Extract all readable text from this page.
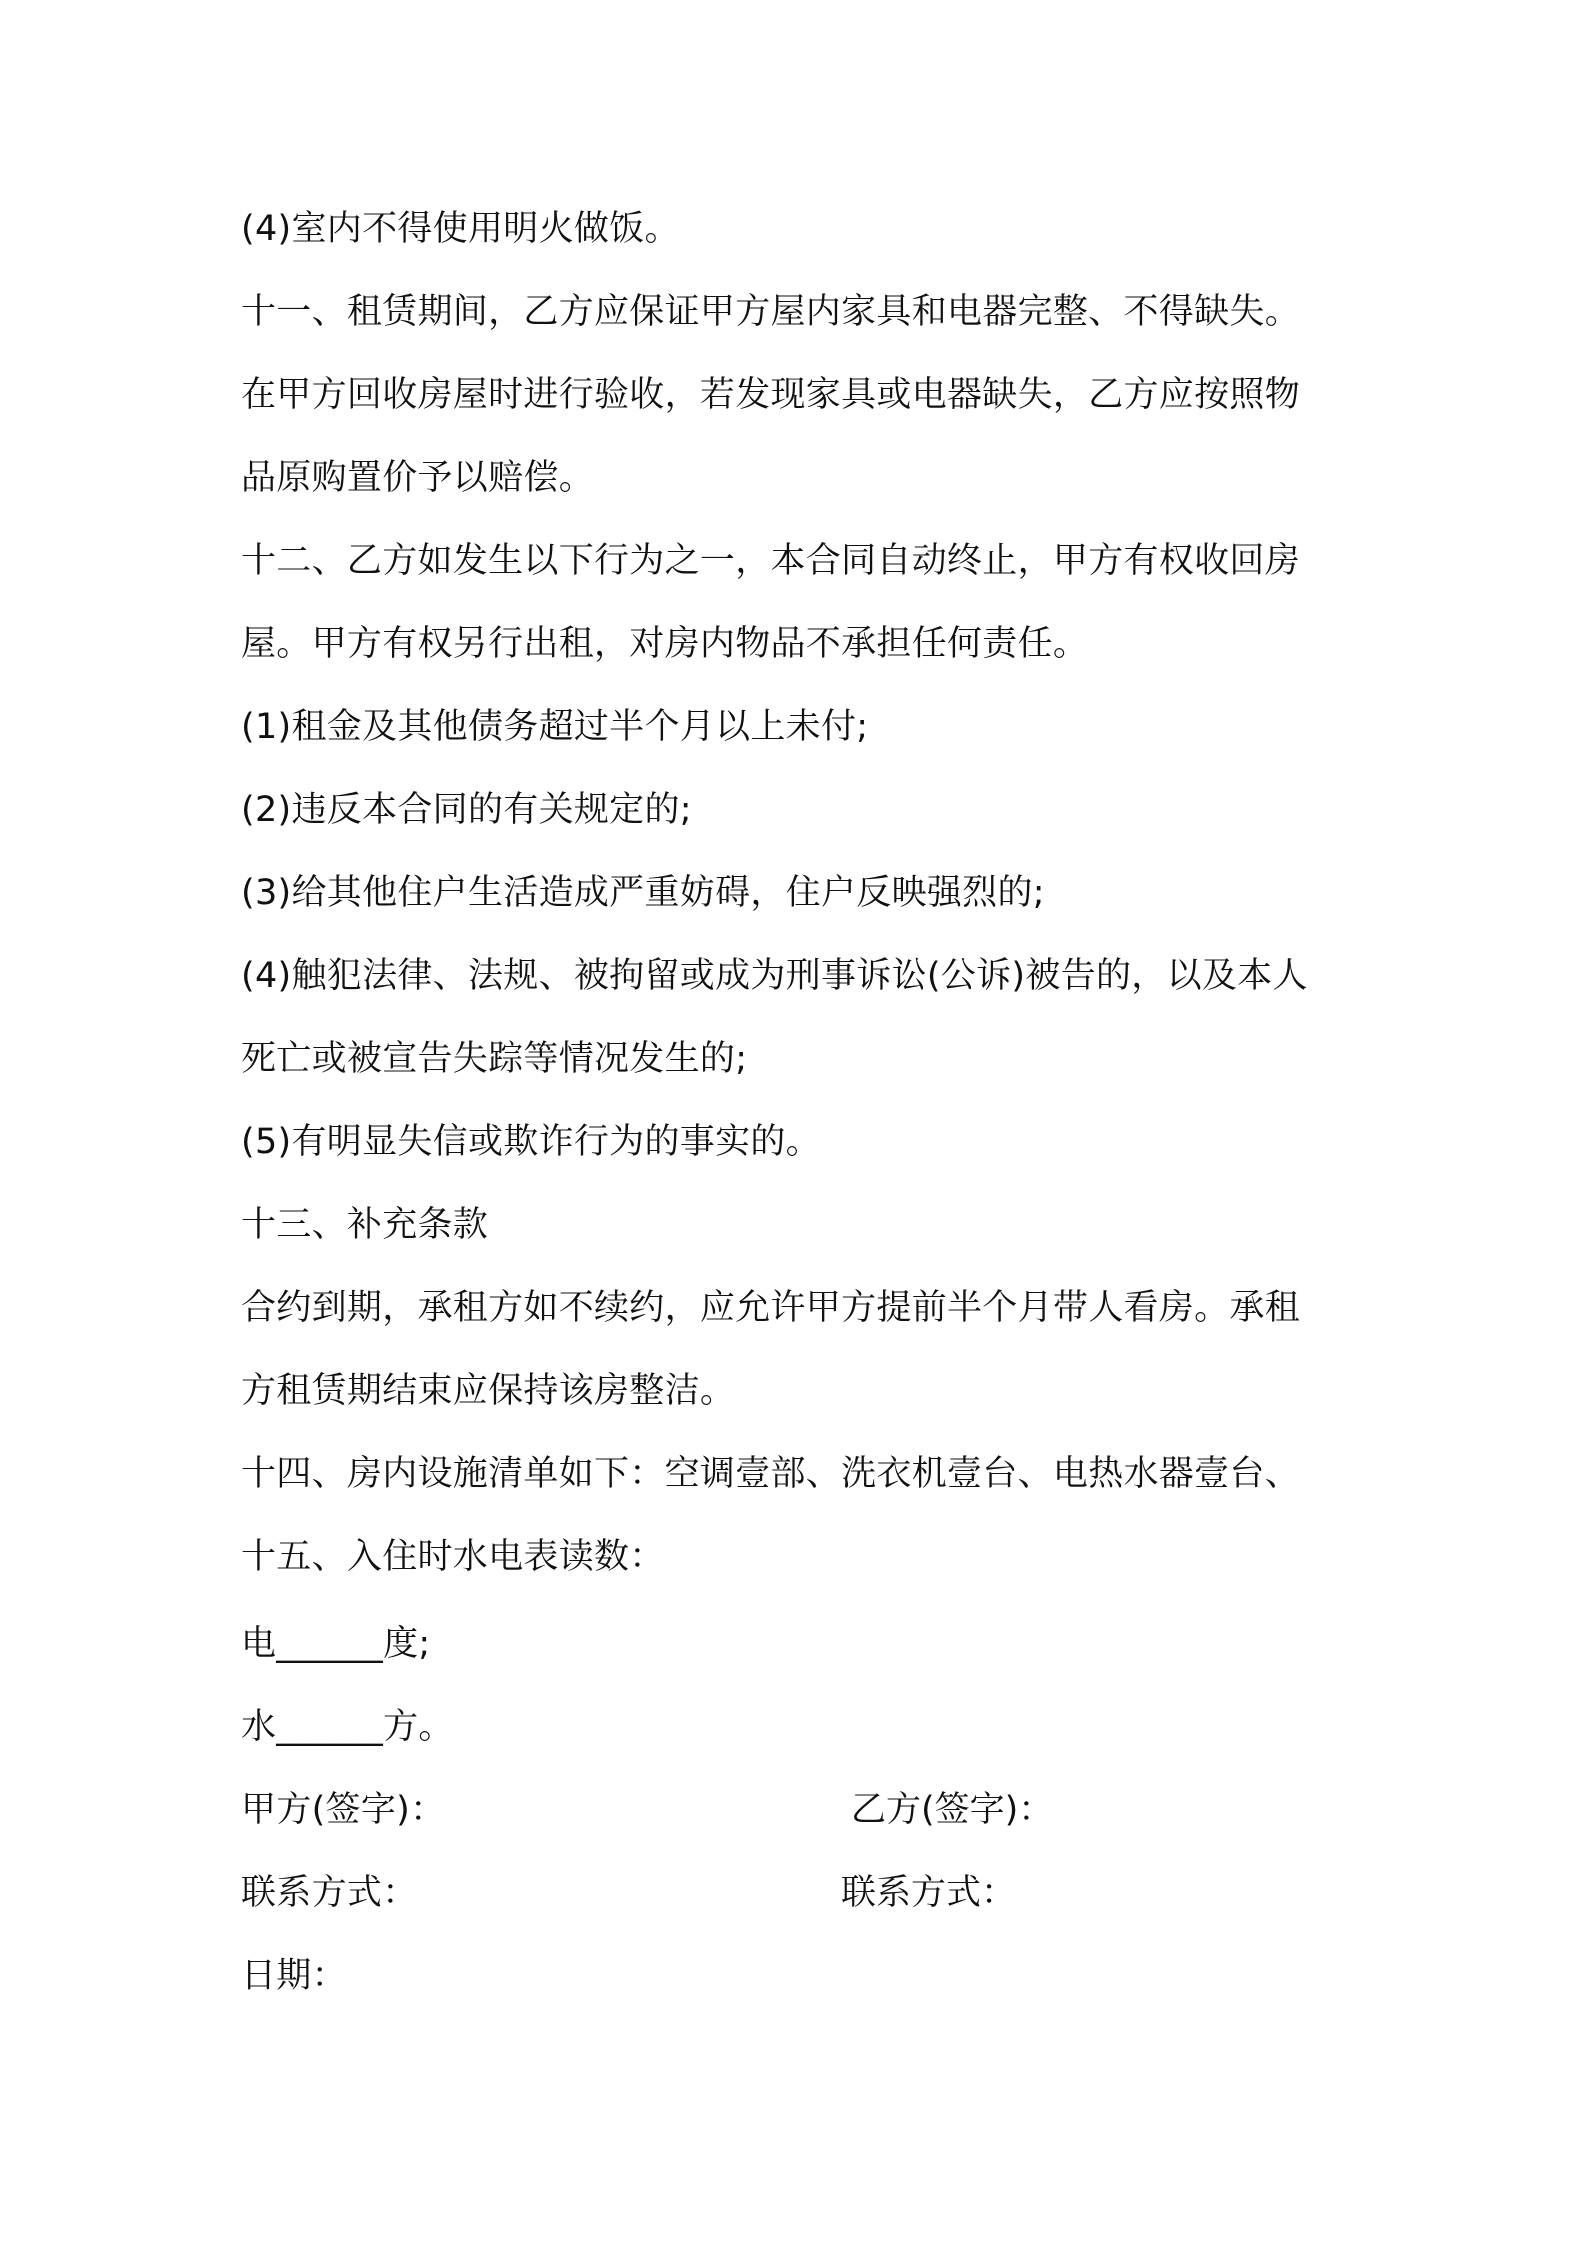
(4)室内不得使用明火做饭。
十一、租赁期间，乙方应保证甲方屋内家具和电器完整、不得缺失。
在甲方回收房屋时进行验收，若发现家具或电器缺失，乙方应按照物
品原购置价予以赔偿。
十二、乙方如发生以下行为之一，本合同自动终止，甲方有权收回房
屋。甲方有权另行出租，对房内物品不承担任何责任。
(1)租金及其他债务超过半个月以上未付;
(2)违反本合同的有关规定的;
(3)给其他住户生活造成严重妨碍，住户反映强烈的;
(4)触犯法律、法规、被拘留或成为刑事诉讼(公诉)被告的，以及本人
死亡或被宣告失踪等情况发生的;
(5)有明显失信或欺诈行为的事实的。
十三、补充条款
合约到期，承租方如不续约，应允许甲方提前半个月带人看房。承租
方租赁期结束应保持该房整洁。
十四、房内设施清单如下：空调壹部、洗衣机壹台、电热水器壹台、
十五、入住时水电表读数：
电______度;
水______方。
甲方(签字)：	乙方(签字)：
联系方式：	联系方式：
日期：
